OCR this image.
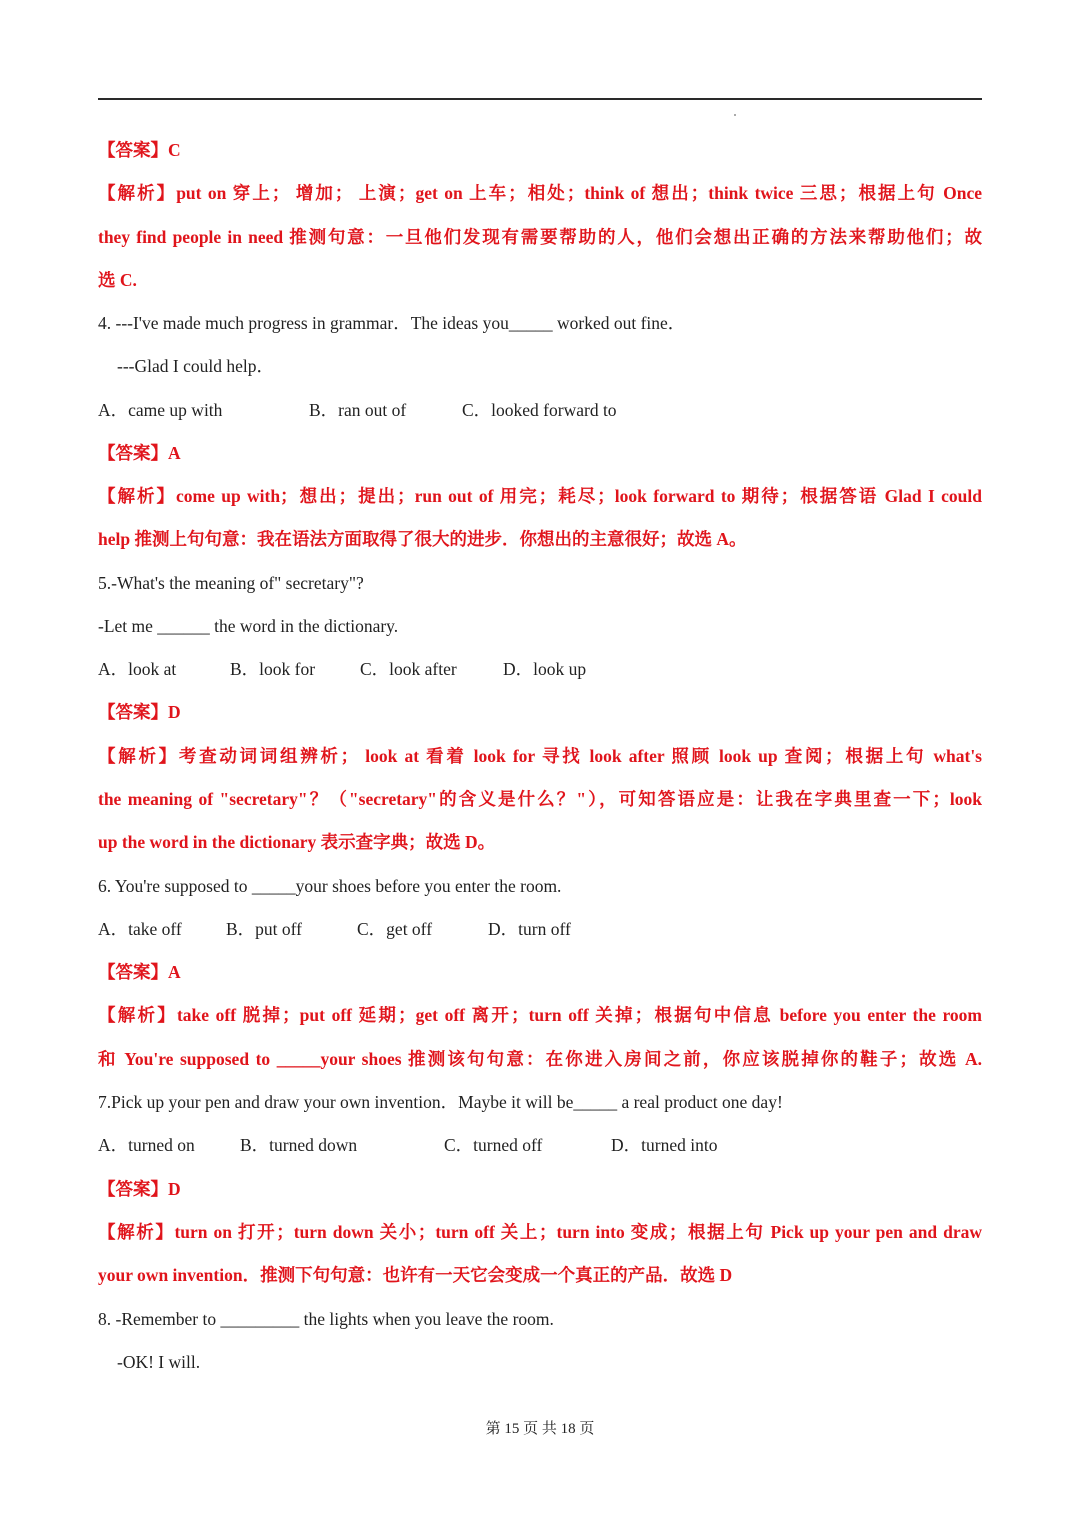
【答案】C
【解析】put on 穿上； 增加； 上演；get on 上车；相处；think of 想出；think twice 三思；根据上句 Once
they find people in need 推测句意：一旦他们发现有需要帮助的人，他们会想出正确的方法来帮助他们；故
选 C.
4. ---I've made much progress in grammar．The ideas you_____ worked out fine．
---Glad I could help．
A．came up with	B．ran out of	C．looked forward to
【答案】A
【解析】come up with；想出；提出；run out of 用完；耗尽；look forward to 期待；根据答语 Glad I could
help 推测上句句意：我在语法方面取得了很大的进步．你想出的主意很好；故选 A。
5.-What's the meaning of" secretary"?
-Let me ______ the word in the dictionary.
A．look at	B．look for	C．look after	D．look up
【答案】D
【解析】考查动词词组辨析； look at 看着 look for 寻找 look after 照顾 look up 查阅；根据上句 what's
the meaning of "secretary"？（"secretary"的含义是什么？"），可知答语应是：让我在字典里查一下；look
up the word in the dictionary 表示查字典；故选 D。
6. You're supposed to _____your shoes before you enter the room.
A．take off	B．put off	C．get off	D．turn off
【答案】A
【解析】take off 脱掉；put off 延期；get off 离开；turn off 关掉；根据句中信息 before you enter the room
和 You're supposed to _____your shoes 推测该句句意：在你进入房间之前，你应该脱掉你的鞋子；故选 A.
7.Pick up your pen and draw your own invention．Maybe it will be_____ a real product one day!
A．turned on	B．turned down	C．turned off	D．turned into
【答案】D
【解析】turn on 打开；turn down 关小；turn off 关上；turn into 变成；根据上句 Pick up your pen and draw
your own invention．推测下句句意：也许有一天它会变成一个真正的产品．故选 D
8. -Remember to _________ the lights when you leave the room.
-OK! I will.
第 15 页 共 18 页
